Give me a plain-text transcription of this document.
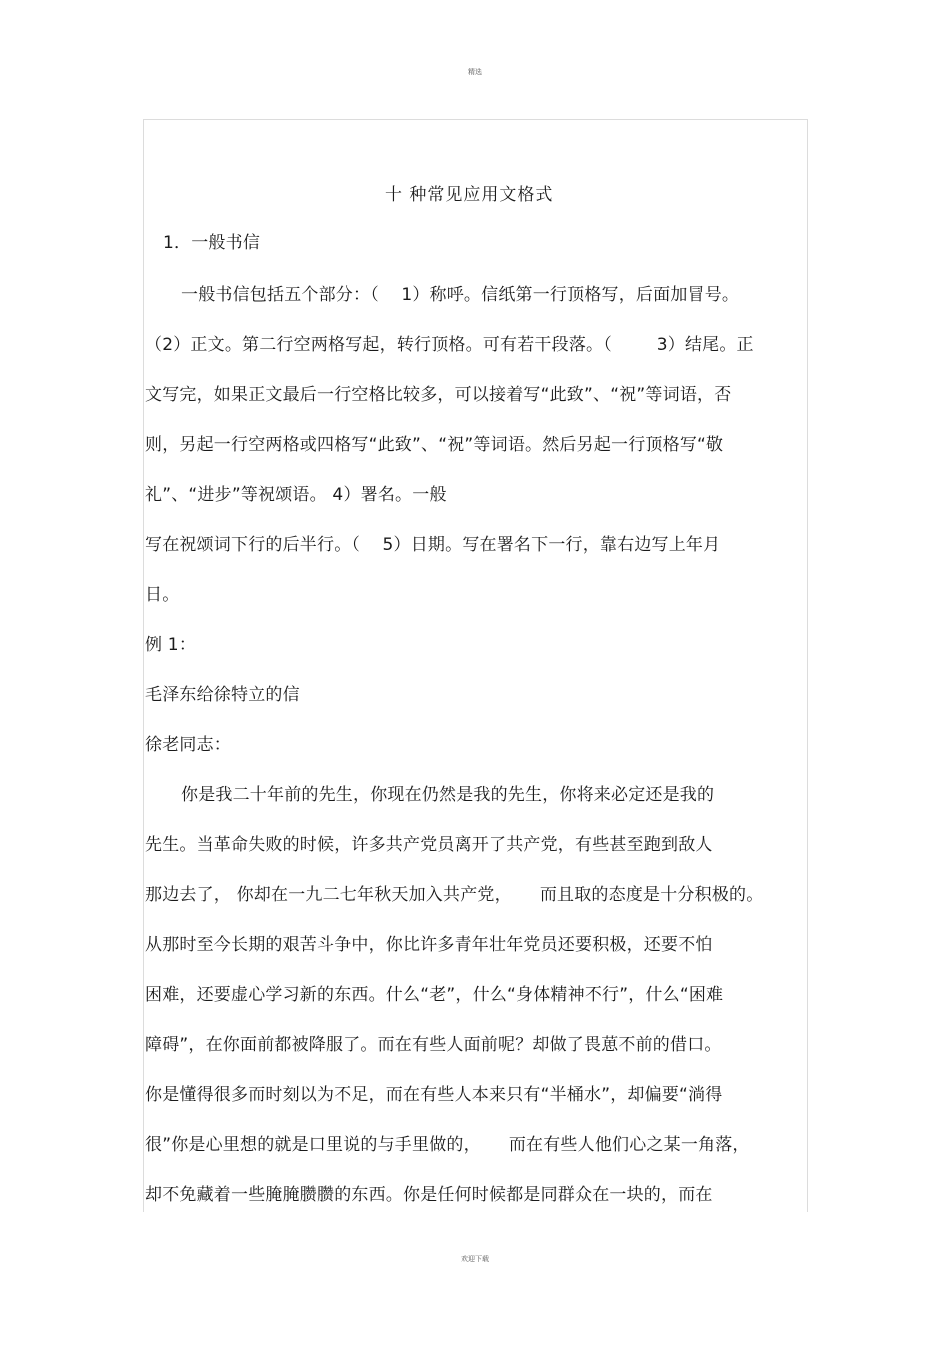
精选
十 种常见应用文格式
1．一般书信
一般书信包括五个部分：（    1）称呼。信纸第一行顶格写，后面加冒号。
（2）正文。第二行空两格写起，转行顶格。可有若干段落。（        3）结尾。正
文写完，如果正文最后一行空格比较多，可以接着写“此致”、“祝”等词语，否
则，另起一行空两格或四格写“此致”、“祝”等词语。然后另起一行顶格写“敬
礼”、“进步”等祝颂语。 4）署名。一般
写在祝颂词下行的后半行。（    5）日期。写在署名下一行，靠右边写上年月
日。
例 1：
毛泽东给徐特立的信
徐老同志：
你是我二十年前的先生，你现在仍然是我的先生，你将来必定还是我的
先生。当革命失败的时候，许多共产党员离开了共产党，有些甚至跑到敌人
那边去了， 你却在一九二七年秋天加入共产党，     而且取的态度是十分积极的。
从那时至今长期的艰苦斗争中，你比许多青年壮年党员还要积极，还要不怕
困难，还要虚心学习新的东西。什么“老”，什么“身体精神不行”，什么“困难
障碍”，在你面前都被降服了。而在有些人面前呢？却做了畏葸不前的借口。
你是懂得很多而时刻以为不足，而在有些人本来只有“半桶水”，却偏要“淌得
很”你是心里想的就是口里说的与手里做的，     而在有些人他们心之某一角落，
却不免藏着一些腌腌臜臜的东西。你是任何时候都是同群众在一块的，而在
欢迎下载
